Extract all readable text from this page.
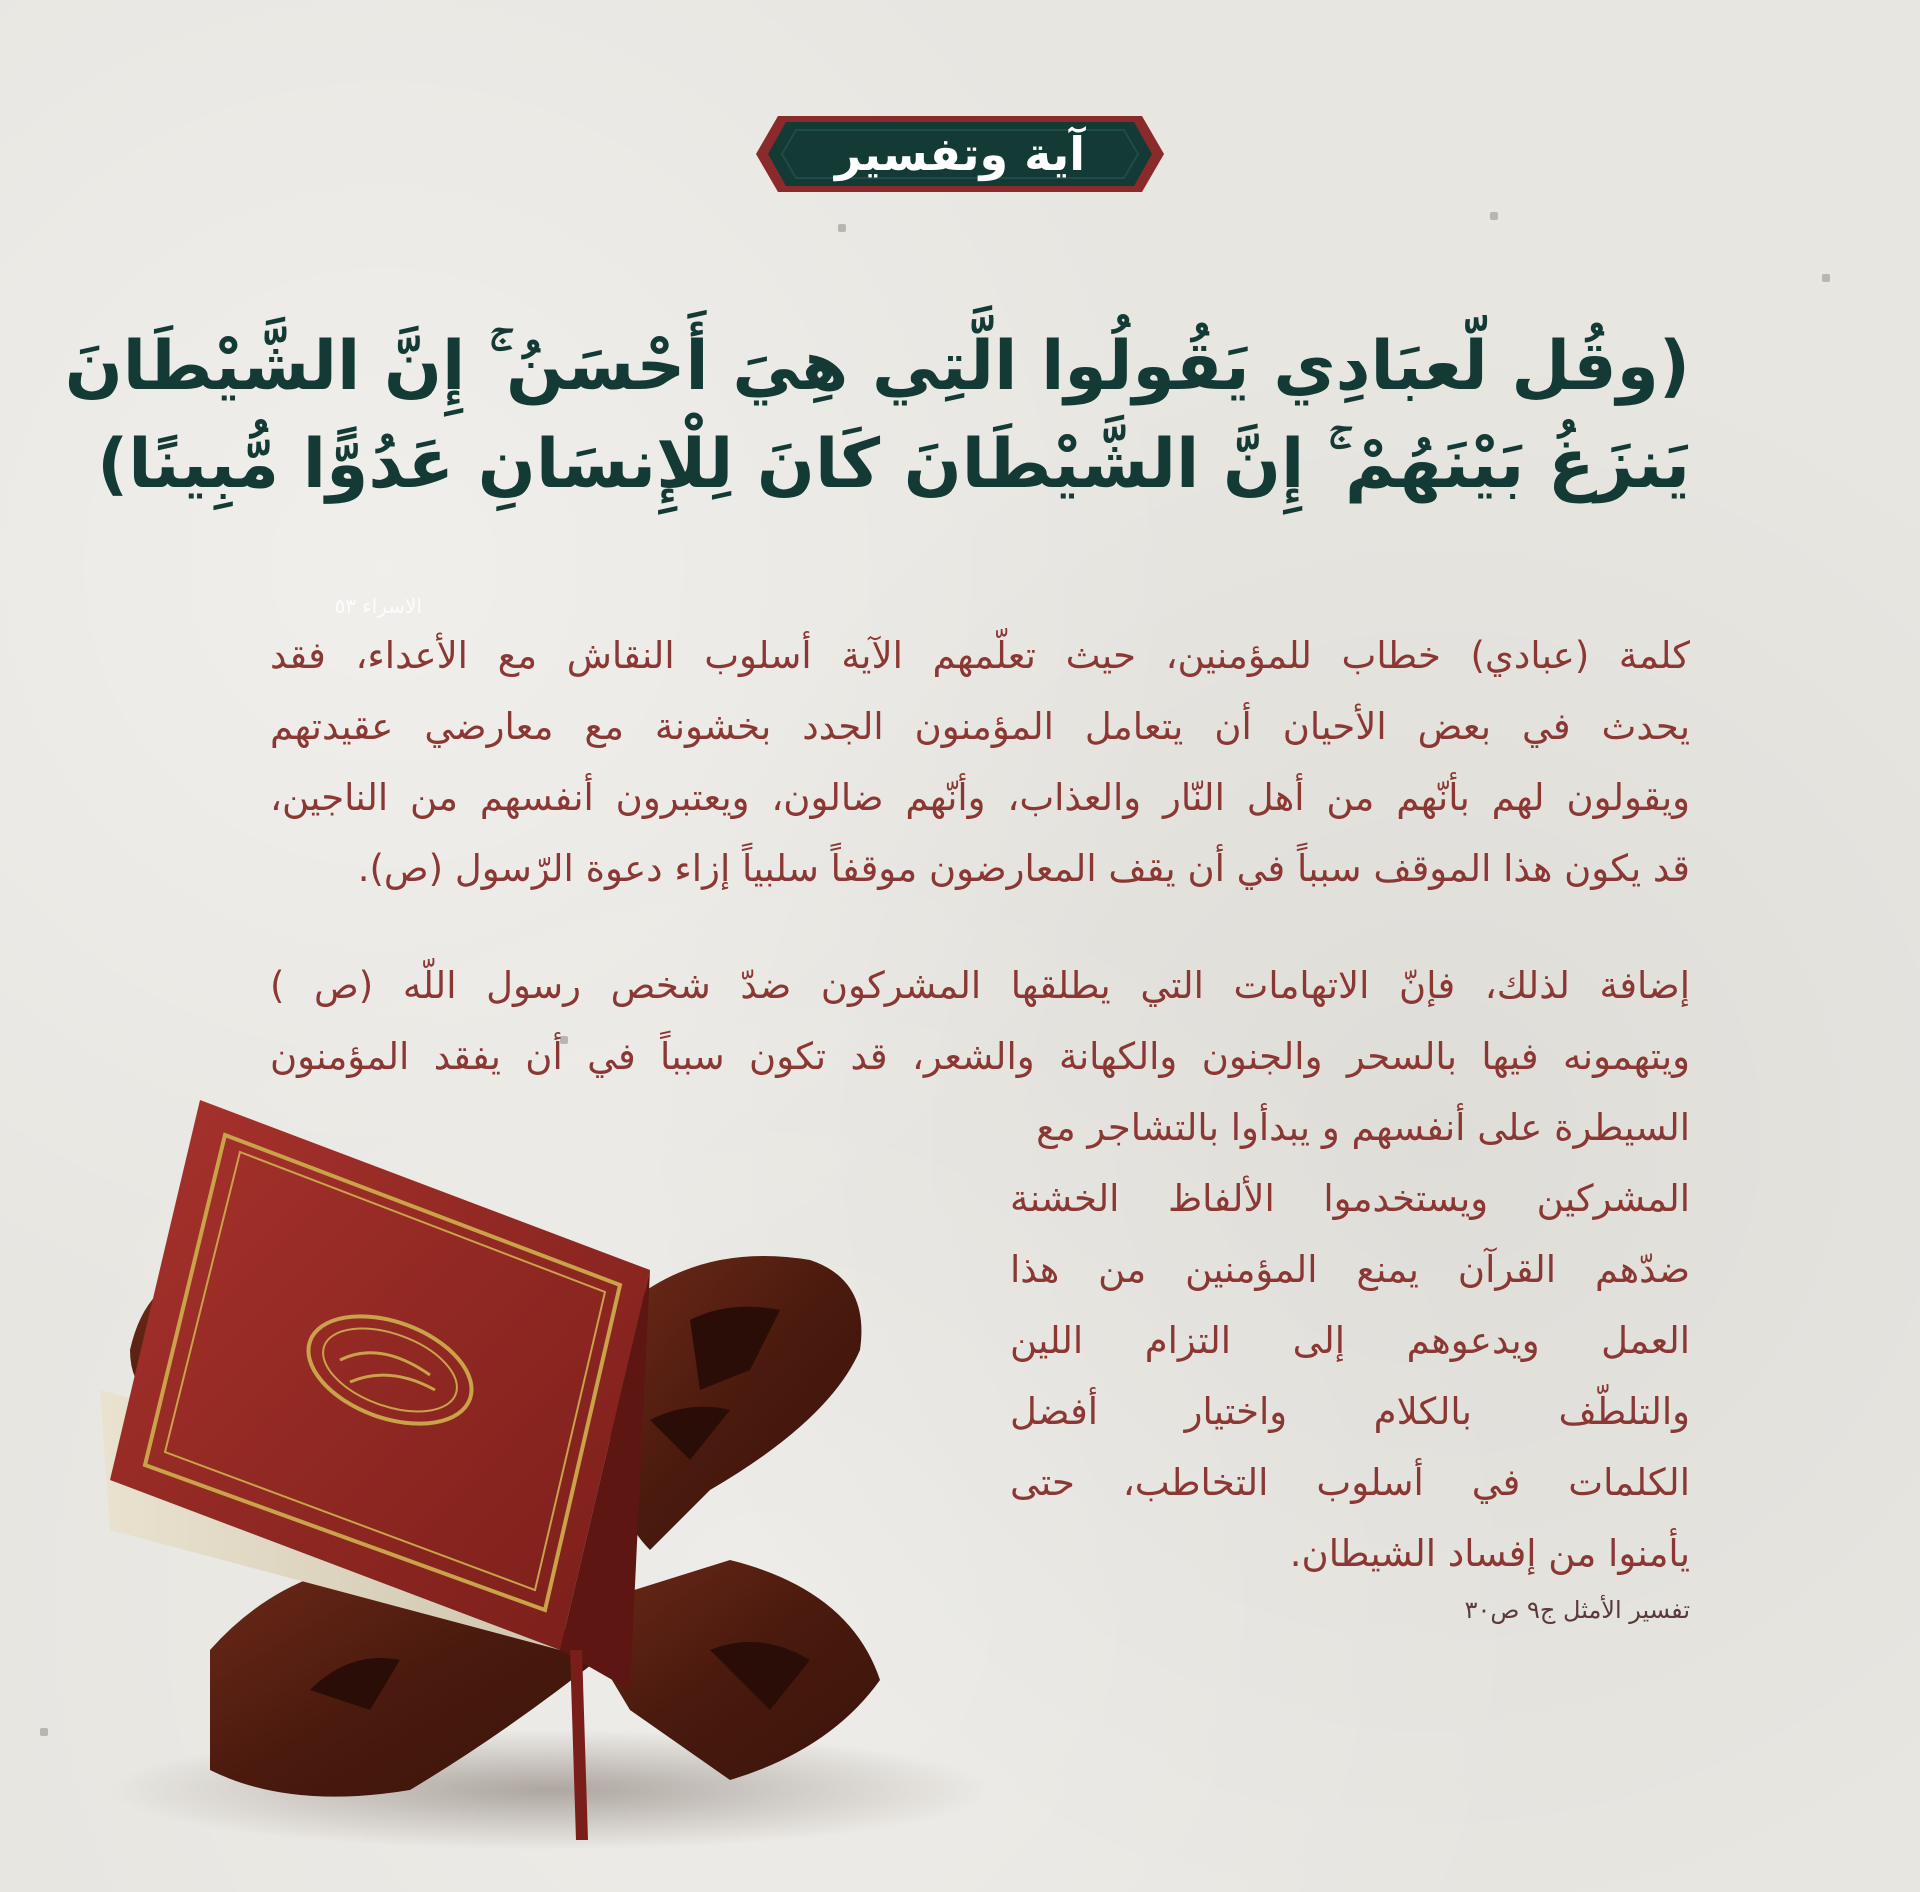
آية وتفسير
(وقُل لّعبَادِي يَقُولُوا الَّتِي هِيَ أَحْسَنُ ۚ إِنَّ الشَّيْطَانَ
يَنزَغُ بَيْنَهُمْ ۚ إِنَّ الشَّيْطَانَ كَانَ لِلْإِنسَانِ عَدُوًّا مُّبِينًا)
الاسراء ٥٣
كلمة (عبادي) خطاب للمؤمنين، حيث تعلّمهم الآية أسلوب النقاش مع الأعداء، فقد
يحدث في بعض الأحيان أن يتعامل المؤمنون الجدد بخشونة مع معارضي عقيدتهم
ويقولون لهم بأنّهم من أهل النّار والعذاب، وأنّهم ضالون، ويعتبرون أنفسهم من الناجين،
قد يكون هذا الموقف سبباً في أن يقف المعارضون موقفاً سلبياً إزاء دعوة الرّسول (ص).
إضافة لذلك، فإنّ الاتهامات التي يطلقها المشركون ضدّ شخص رسول اللّه (ص )
ويتهمونه فيها بالسحر والجنون والكهانة والشعر، قد تكون سبباً في أن يفقد المؤمنون
السيطرة على أنفسهم و يبدأوا بالتشاجر مع
المشركين ويستخدموا الألفاظ الخشنة
ضدّهم القرآن يمنع المؤمنين من هذا
العمل ويدعوهم إلى التزام اللين
والتلطّف بالكلام واختيار أفضل
الكلمات في أسلوب التخاطب، حتى
يأمنوا من إفساد الشيطان.
تفسير الأمثل ج٩ ص٣٠
